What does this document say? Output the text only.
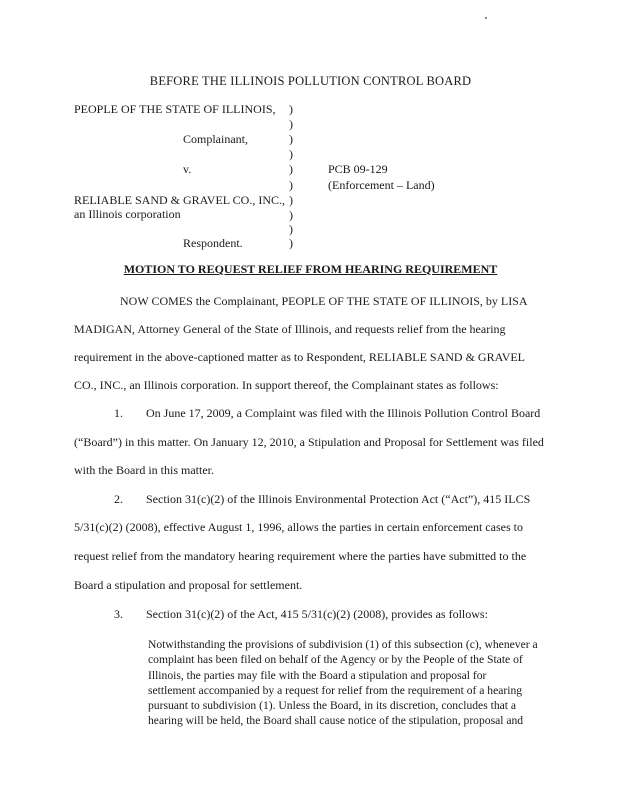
BEFORE THE ILLINOIS POLLUTION CONTROL BOARD
PEOPLE OF THE STATE OF ILLINOIS,
Complainant,
v.
RELIABLE SAND & GRAVEL CO., INC.,
an Illinois corporation
Respondent.
)
)
)
)
)
)
)
)
)
)
PCB 09-129
(Enforcement – Land)
MOTION TO REQUEST RELIEF FROM HEARING REQUIREMENT
NOW COMES the Complainant, PEOPLE OF THE STATE OF ILLINOIS, by LISA
MADIGAN, Attorney General of the State of Illinois, and requests relief from the hearing
requirement in the above-captioned matter as to Respondent, RELIABLE SAND & GRAVEL
CO., INC., an Illinois corporation. In support thereof, the Complainant states as follows:
1. On June 17, 2009, a Complaint was filed with the Illinois Pollution Control Board
(“Board”) in this matter. On January 12, 2010, a Stipulation and Proposal for Settlement was filed
with the Board in this matter.
2. Section 31(c)(2) of the Illinois Environmental Protection Act (“Act”), 415 ILCS
5/31(c)(2) (2008), effective August 1, 1996, allows the parties in certain enforcement cases to
request relief from the mandatory hearing requirement where the parties have submitted to the
Board a stipulation and proposal for settlement.
3. Section 31(c)(2) of the Act, 415 5/31(c)(2) (2008), provides as follows:
Notwithstanding the provisions of subdivision (1) of this subsection (c), whenever a
complaint has been filed on behalf of the Agency or by the People of the State of
Illinois, the parties may file with the Board a stipulation and proposal for
settlement accompanied by a request for relief from the requirement of a hearing
pursuant to subdivision (1). Unless the Board, in its discretion, concludes that a
hearing will be held, the Board shall cause notice of the stipulation, proposal and
